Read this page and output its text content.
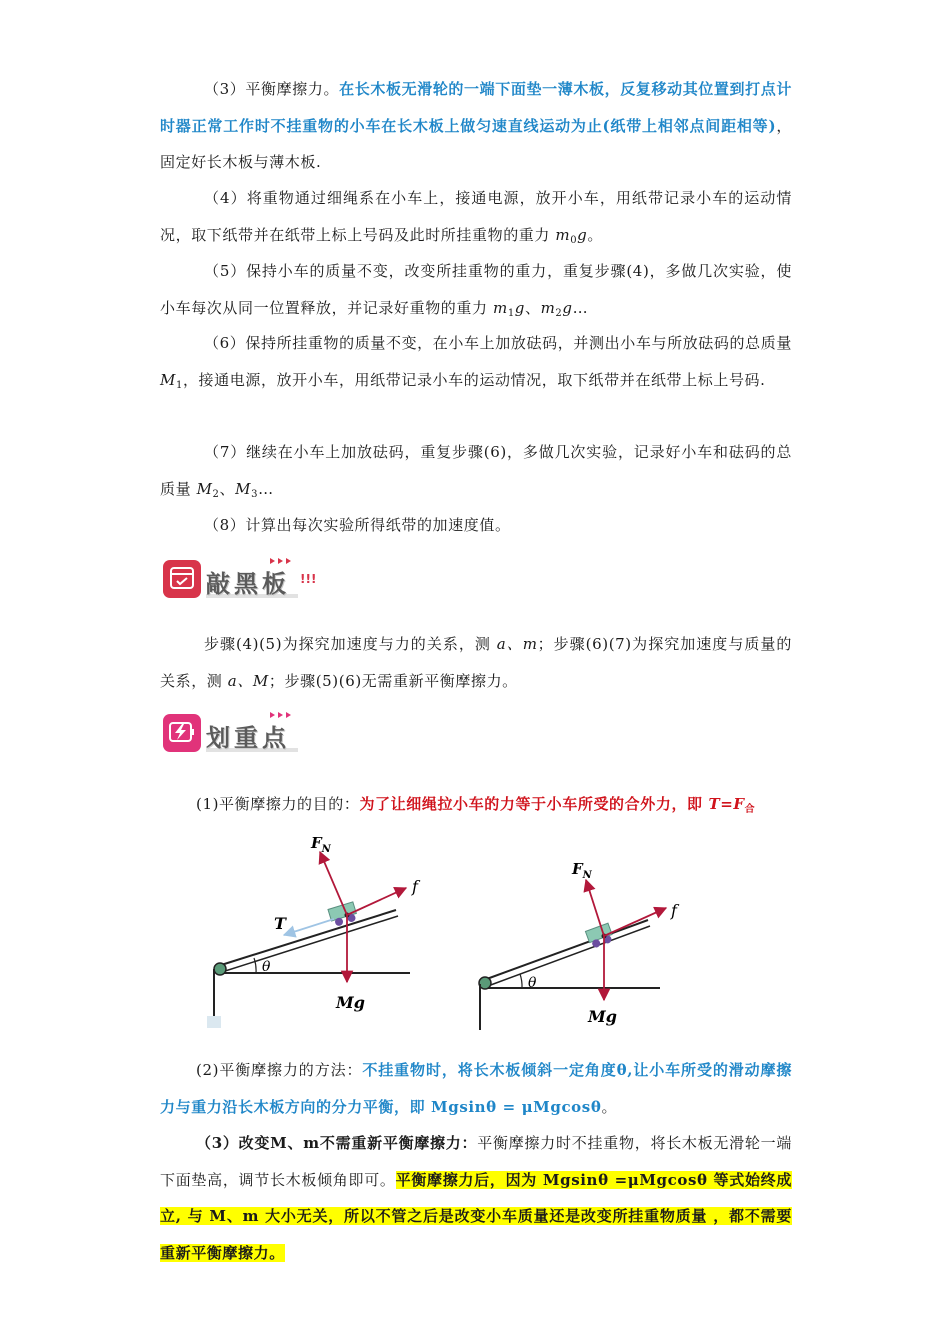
（3）平衡摩擦力。在长木板无滑轮的一端下面垫一薄木板，反复移动其位置到打点计时器正常工作时不挂重物的小车在长木板上做匀速直线运动为止(纸带上相邻点间距相等)，固定好长木板与薄木板.

（4）将重物通过细绳系在小车上，接通电源，放开小车，用纸带记录小车的运动情况，取下纸带并在纸带上标上号码及此时所挂重物的重力 $m_0g$。

（5）保持小车的质量不变，改变所挂重物的重力，重复步骤(4)，多做几次实验，使小车每次从同一位置释放，并记录好重物的重力 $m_1g$、$m_2g\dots$

（6）保持所挂重物的质量不变，在小车上加放砝码，并测出小车与所放砝码的总质量 $M_1$，接通电源，放开小车，用纸带记录小车的运动情况，取下纸带并在纸带上标上号码.

（7）继续在小车上加放砝码，重复步骤(6)，多做几次实验，记录好小车和砝码的总质量 $M_2$、$M_3\dots$

（8）计算出每次实验所得纸带的加速度值。

敲黑板 !!!

步骤(4)(5)为探究加速度与力的关系，测 a、m；步骤(6)(7)为探究加速度与质量的关系，测 a、M；步骤(5)(6)无需重新平衡摩擦力。

划重点

(1)平衡摩擦力的目的：为了让细绳拉小车的力等于小车所受的合外力，即 $T=F_合$

θ
$F_N$
f
T
Mg
θ
$F_N$
f
Mg

(2)平衡摩擦力的方法：不挂重物时，将长木板倾斜一定角度θ,让小车所受的滑动摩擦力与重力沿长木板方向的分力平衡，即 Mgsinθ = μMgcosθ。

（3）改变M、m不需重新平衡摩擦力：平衡摩擦力时不挂重物，将长木板无滑轮一端下面垫高，调节长木板倾角即可。平衡摩擦力后，因为 Mgsinθ =μMgcosθ 等式始终成立, 与 M、m 大小无关，所以不管之后是改变小车质量还是改变所挂重物质量 ，都不需要重新平衡摩擦力。
